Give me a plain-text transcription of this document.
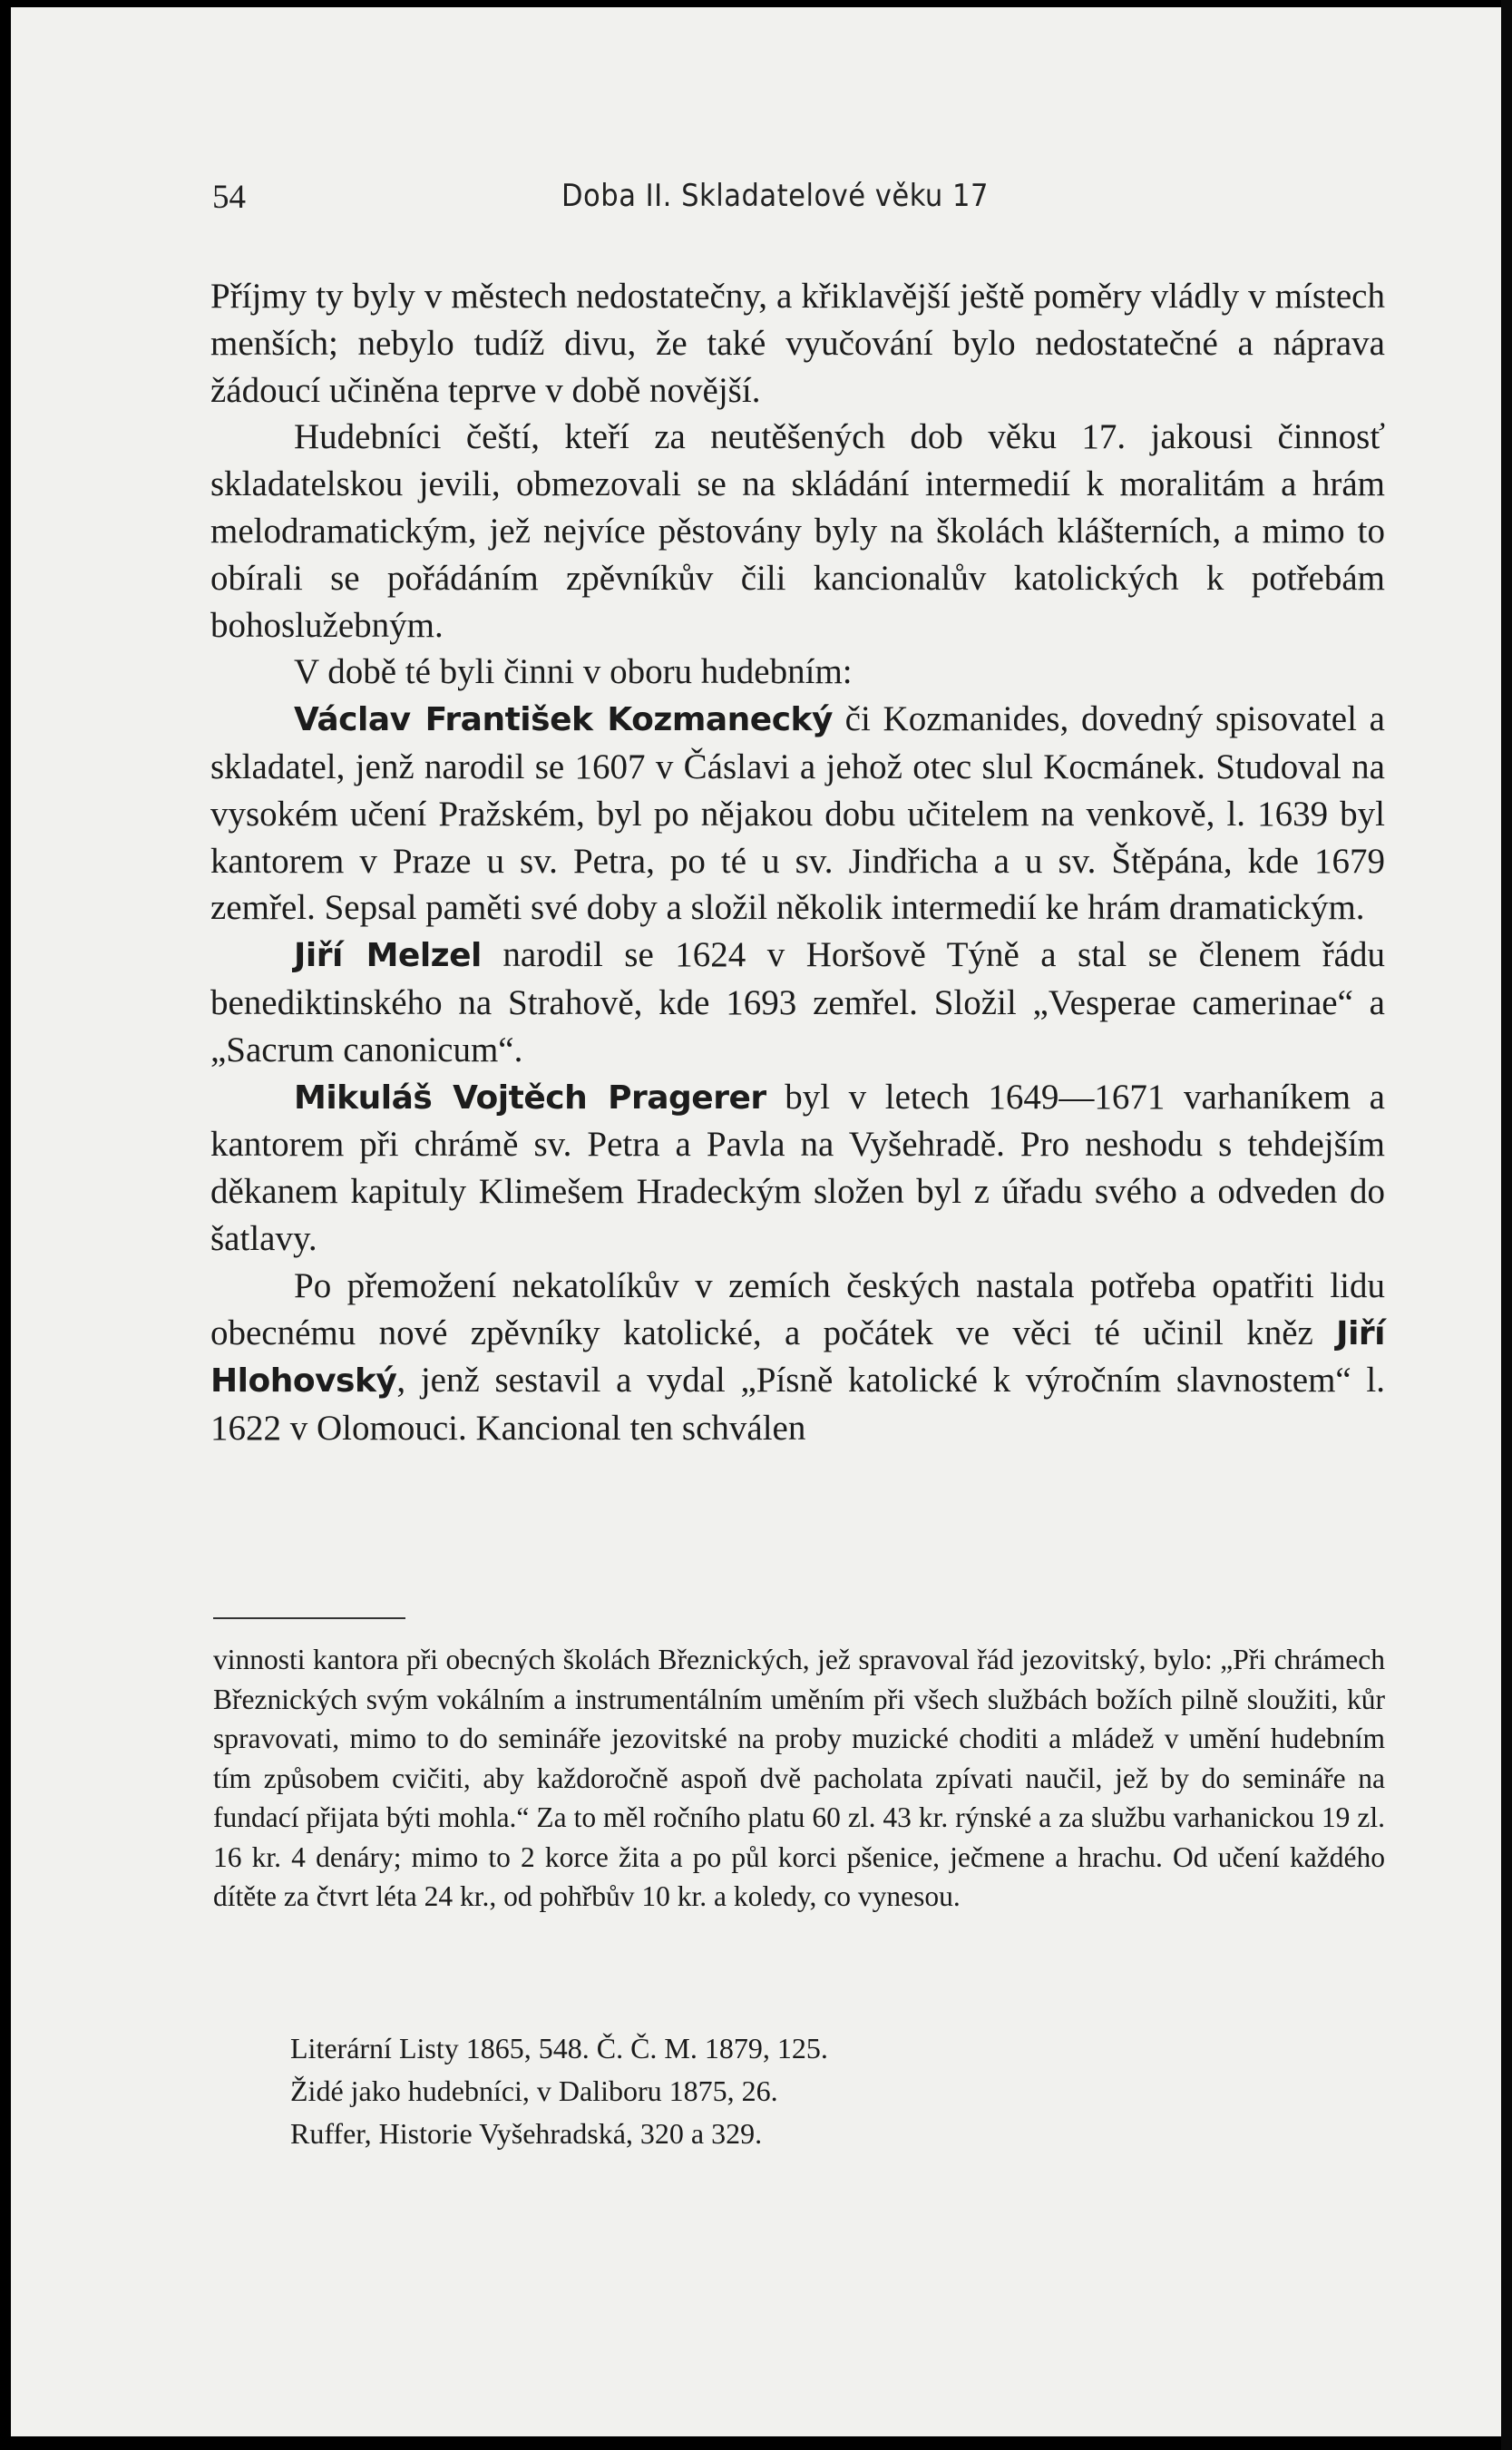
54	Doba II. Skladatelové věku 17

Příjmy ty byly v městech nedostatečny, a křiklavější ještě poměry vládly v místech menších; nebylo tudíž divu, že také vyučování bylo nedostatečné a náprava žádoucí učiněna teprve v době novější.

Hudebníci čeští, kteří za neutěšených dob věku 17. jakousi činnosť skladatelskou jevili, obmezovali se na skládání intermedií k moralitám a hrám melodramatickým, jež nejvíce pěstovány byly na školách klášterních, a mimo to obírali se pořádáním zpěvníkův čili kancionalův katolických k potřebám bohoslužebným.

V době té byli činni v oboru hudebním:

Václav František Kozmanecký či Kozmanides, dovedný spisovatel a skladatel, jenž narodil se 1607 v Čáslavi a jehož otec slul Kocmánek. Studoval na vysokém učení Pražském, byl po nějakou dobu učitelem na venkově, l. 1639 byl kantorem v Praze u sv. Petra, po té u sv. Jindřicha a u sv. Štěpána, kde 1679 zemřel. Sepsal paměti své doby a složil několik intermedií ke hrám dramatickým.

Jiří Melzel narodil se 1624 v Horšově Týně a stal se členem řádu benediktinského na Strahově, kde 1693 zemřel. Složil „Vesperae camerinae“ a „Sacrum canonicum“.

Mikuláš Vojtěch Pragerer byl v letech 1649—1671 varhaníkem a kantorem při chrámě sv. Petra a Pavla na Vyšehradě. Pro neshodu s tehdejším děkanem kapituly Klimešem Hradeckým složen byl z úřadu svého a odveden do šatlavy.

Po přemožení nekatolíkův v zemích českých nastala potřeba opatřiti lidu obecnému nové zpěvníky katolické, a počátek ve věci té učinil kněz Jiří Hlohovský, jenž sestavil a vydal „Písně katolické k výročním slavnostem“ l. 1622 v Olomouci. Kancional ten schválen

vinnosti kantora při obecných školách Březnických, jež spravoval řád jezovitský, bylo: „Při chrámech Březnických svým vokálním a instrumentálním uměním při všech službách božích pilně sloužiti, kůr spravovati, mimo to do semináře jezovitské na proby muzické choditi a mládež v umění hudebním tím způsobem cvičiti, aby každoročně aspoň dvě pacholata zpívati naučil, jež by do semináře na fundací přijata býti mohla.“ Za to měl ročního platu 60 zl. 43 kr. rýnské a za službu varhanickou 19 zl. 16 kr. 4 denáry; mimo to 2 korce žita a po půl korci pšenice, ječmene a hrachu. Od učení každého dítěte za čtvrt léta 24 kr., od pohřbův 10 kr. a koledy, co vynesou.

Literární Listy 1865, 548. Č. Č. M. 1879, 125.
Židé jako hudebníci, v Daliboru 1875, 26.
Ruffer, Historie Vyšehradská, 320 a 329.
